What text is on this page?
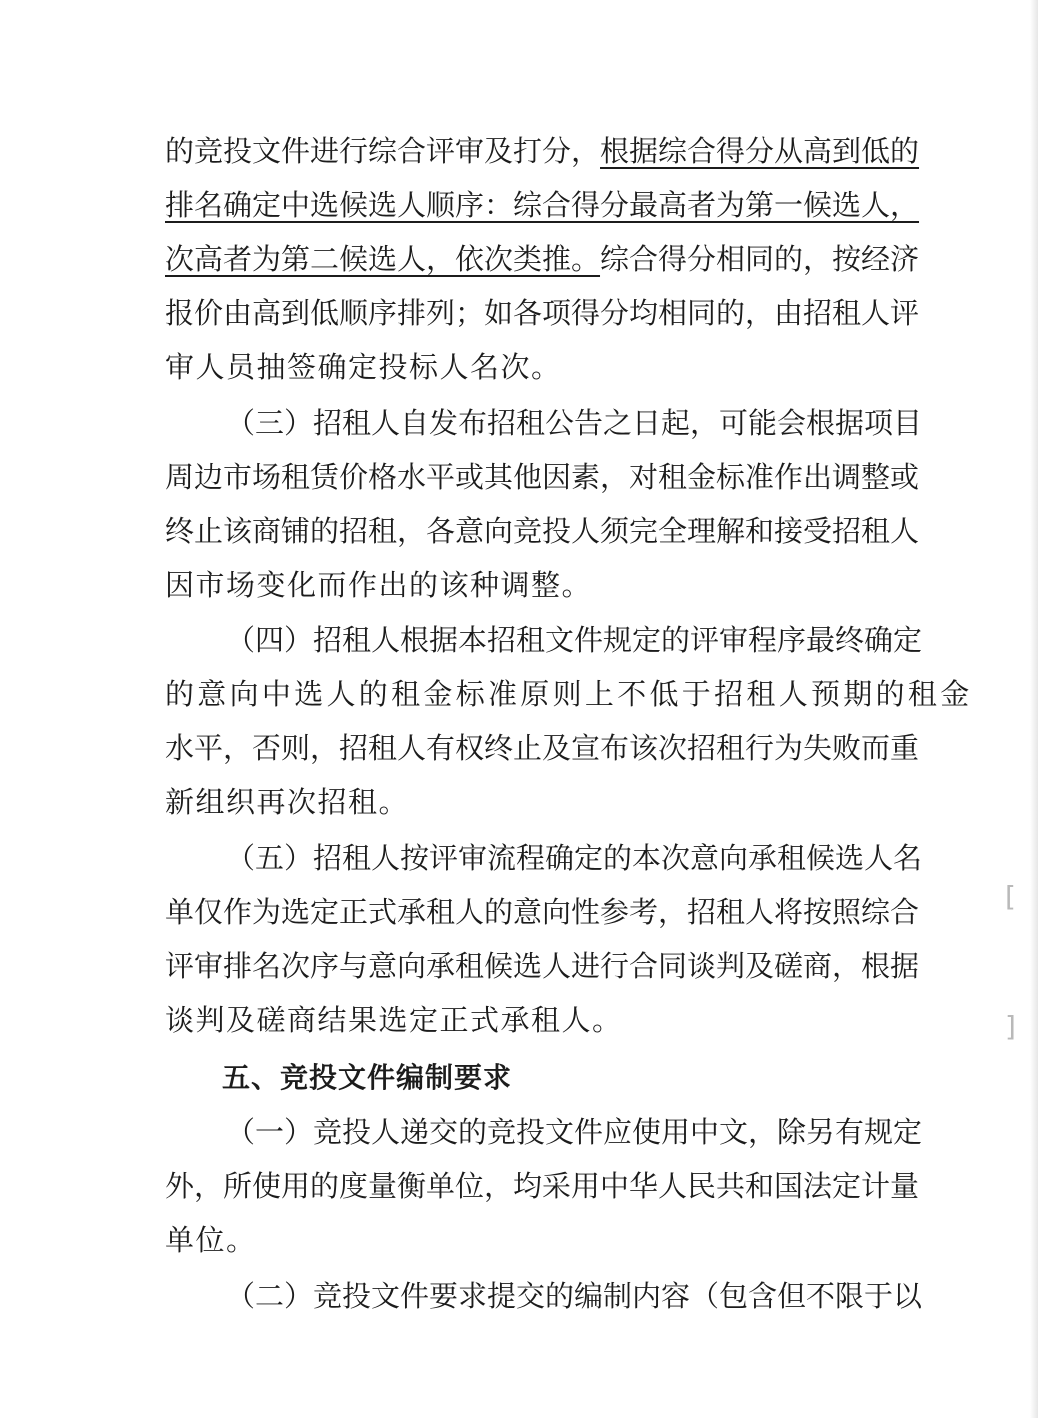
的竞投文件进行综合评审及打分，根据综合得分从高到低的
排名确定中选候选人顺序：综合得分最高者为第一候选人，
次高者为第二候选人，依次类推。综合得分相同的，按经济
报价由高到低顺序排列；如各项得分均相同的，由招租人评
审人员抽签确定投标人名次。
（三）招租人自发布招租公告之日起，可能会根据项目
周边市场租赁价格水平或其他因素，对租金标准作出调整或
终止该商铺的招租，各意向竞投人须完全理解和接受招租人
因市场变化而作出的该种调整。
（四）招租人根据本招租文件规定的评审程序最终确定
的意向中选人的租金标准原则上不低于招租人预期的租金
水平，否则，招租人有权终止及宣布该次招租行为失败而重
新组织再次招租。
（五）招租人按评审流程确定的本次意向承租候选人名
单仅作为选定正式承租人的意向性参考，招租人将按照综合
评审排名次序与意向承租候选人进行合同谈判及磋商，根据
谈判及磋商结果选定正式承租人。
五、竞投文件编制要求
（一）竞投人递交的竞投文件应使用中文，除另有规定
外，所使用的度量衡单位，均采用中华人民共和国法定计量
单位。
（二）竞投文件要求提交的编制内容（包含但不限于以
[
]
